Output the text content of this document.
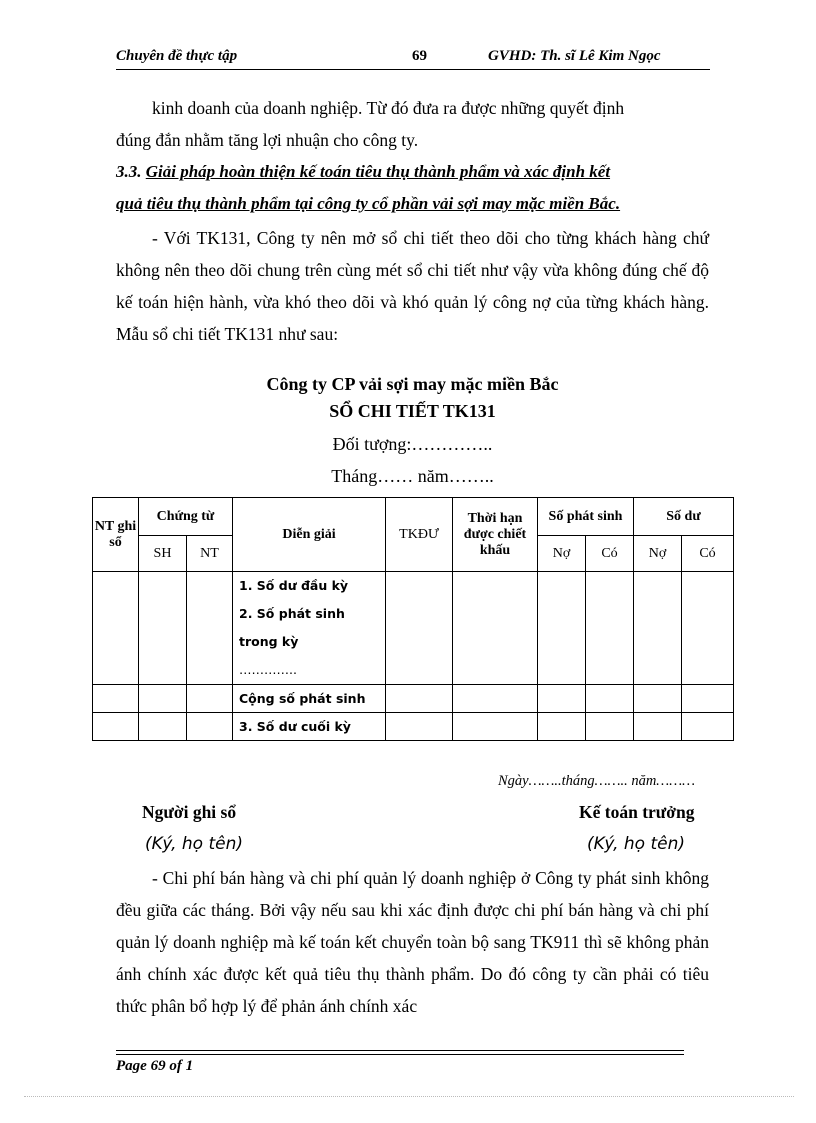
Chuyên đề thực tập	69	GVHD: Th. sĩ Lê Kim Ngọc

kinh doanh của doanh nghiệp. Từ đó đưa ra được những quyết định
đúng đắn nhằm tăng lợi nhuận cho công ty.

3.3. Giải pháp hoàn thiện kế toán tiêu thụ thành phẩm và xác định kết
quả tiêu thụ thành phẩm tại công ty cổ phần vải sợi may mặc miền Bắc.

- Với TK131, Công ty nên mở sổ chi tiết theo dõi cho từng khách hàng chứ không nên theo dõi chung trên cùng mét sổ chi tiết như vậy vừa không đúng chế độ kế toán hiện hành, vừa khó theo dõi và khó quản lý công nợ của từng khách hàng. Mẫu sổ chi tiết TK131 như sau:

Công ty CP vải sợi may mặc miền Bắc

SỔ CHI TIẾT TK131

Đối tượng:…………..

Tháng…… năm……..

NT ghi sổ	Chứng từ		Diễn giải	TKĐƯ	Thời hạn được chiết khấu	Số phát sinh		Số dư	
	SH	NT				Nợ	Có	Nợ	Có

			1. Số dư đầu kỳ
2. Số phát sinh
trong kỳ
…………..						

			Cộng số phát sinh						
			3. Số dư cuối kỳ						
Ngày……..tháng…….. năm………
Người ghi sổ	Kế toán trưởng
(Ký, họ tên)	(Ký, họ tên)

- Chi phí bán hàng và chi phí quản lý doanh nghiệp ở Công ty phát sinh không đều giữa các tháng. Bởi vậy nếu sau khi xác định được chi phí bán hàng và chi phí quản lý doanh nghiệp mà kế toán kết chuyển toàn bộ sang TK911 thì sẽ không phản ánh chính xác được kết quả tiêu thụ thành phẩm. Do đó công ty cần phải có tiêu thức phân bổ hợp lý để phản ánh chính xác

Page 69 of 1
